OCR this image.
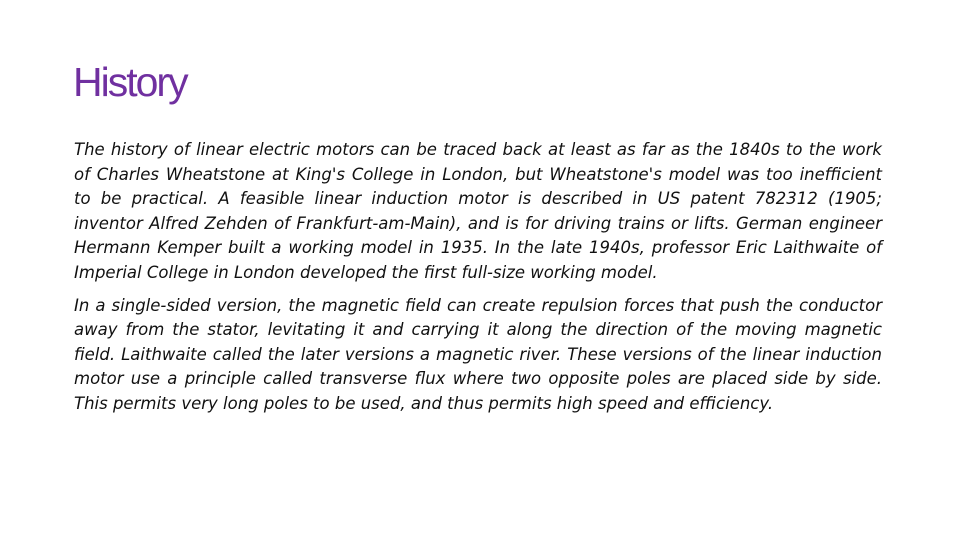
History

The history of linear electric motors can be traced back at least as far as the 1840s to the work of Charles Wheatstone at King's College in London, but Wheatstone's model was too inefficient to be practical. A feasible linear induction motor is described in US patent 782312 (1905; inventor Alfred Zehden of Frankfurt-am-Main), and is for driving trains or lifts. German engineer Hermann Kemper built a working model in 1935. In the late 1940s, professor Eric Laithwaite of Imperial College in London developed the first full-size working model.

In a single-sided version, the magnetic field can create repulsion forces that push the conductor away from the stator, levitating it and carrying it along the direction of the moving magnetic field. Laithwaite called the later versions a magnetic river. These versions of the linear induction motor use a principle called transverse flux where two opposite poles are placed side by side. This permits very long poles to be used, and thus permits high speed and efficiency.
